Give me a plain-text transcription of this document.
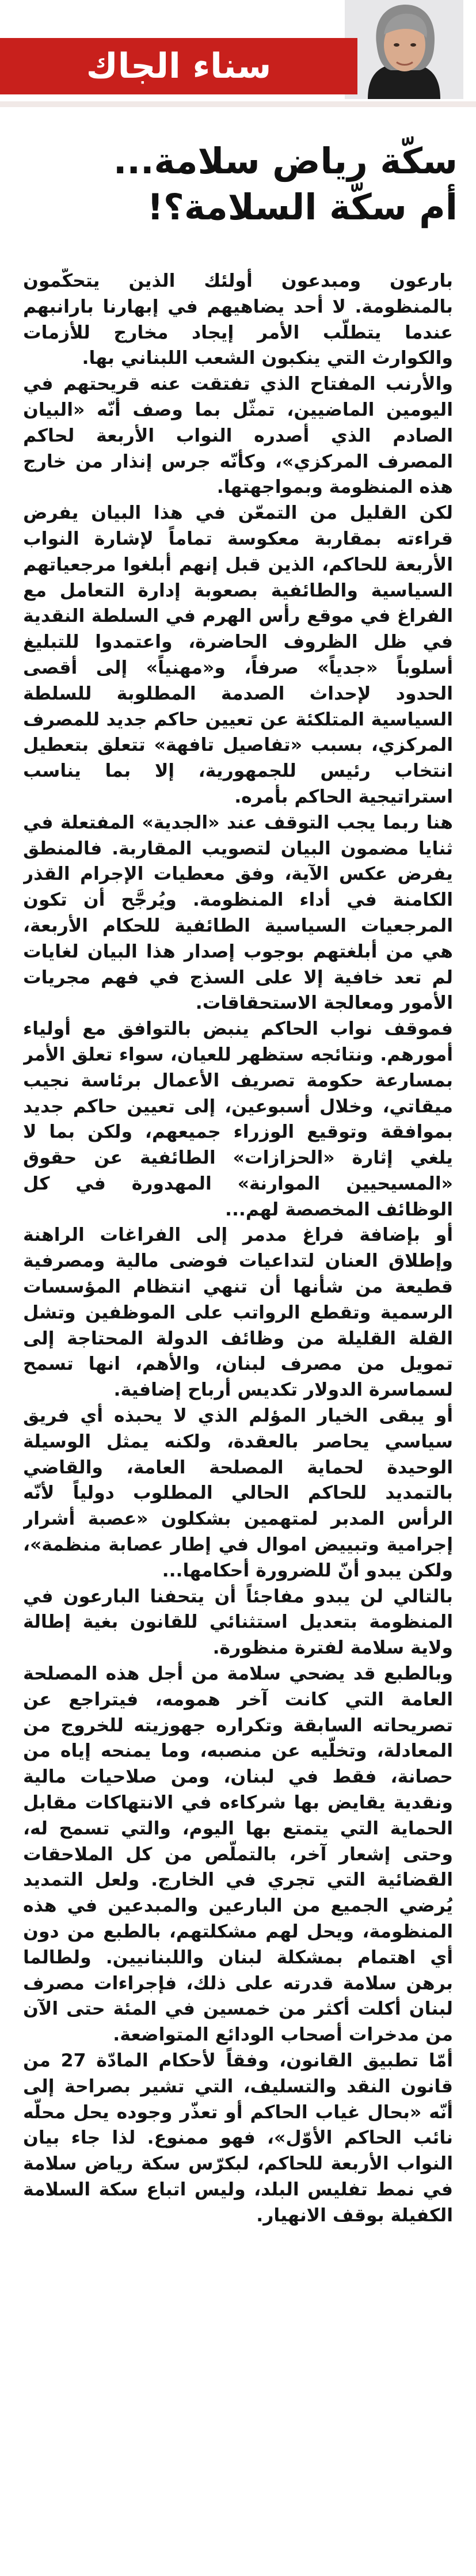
سناء الجاك
سكّة رياض سلامة...
أم سكّة السلامة؟!

بارعون ومبدعون أولئك الذين يتحكّمون بالمنظومة. لا أحد يضاهيهم في إبهارنا بارانبهم عندما يتطلّب الأمر إيجاد مخارج للأزمات والكوارث التي ينكبون الشعب اللبناني بها.

والأرنب المفتاح الذي تفتقت عنه قريحتهم في اليومين الماضيين، تمثّل بما وصف أنّه «البيان الصادم الذي أصدره النواب الأربعة لحاكم المصرف المركزي»، وكأنّه جرس إنذار من خارج هذه المنظومة وبمواجهتها.

لكن القليل من التمعّن في هذا البيان يفرض قراءته بمقاربة معكوسة تماماً لإشارة النواب الأربعة للحاكم، الذين قبل إنهم أبلغوا مرجعياتهم السياسية والطائفية بصعوبة إدارة التعامل مع الفراغ في موقع رأس الهرم في السلطة النقدية في ظل الظروف الحاضرة، واعتمدوا للتبليغ أسلوباً «جدياً» صرفاً، و«مهنياً» إلى أقصى الحدود لإحداث الصدمة المطلوبة للسلطة السياسية المتلكئة عن تعيين حاكم جديد للمصرف المركزي، بسبب «تفاصيل تافهة» تتعلق بتعطيل انتخاب رئيس للجمهورية، إلا بما يناسب استراتيجية الحاكم بأمره.

هنا ربما يجب التوقف عند «الجدية» المفتعلة في ثنايا مضمون البيان لتصويب المقاربة. فالمنطق يفرض عكس الآية، وفق معطيات الإجرام القذر الكامنة في أداء المنظومة. ويُرجَّح أن تكون المرجعيات السياسية الطائفية للحكام الأربعة، هي من أبلغتهم بوجوب إصدار هذا البيان لغايات لم تعد خافية إلا على السذج في فهم مجريات الأمور ومعالجة الاستحقاقات.

فموقف نواب الحاكم ينبض بالتوافق مع أولياء أمورهم. ونتائجه ستظهر للعيان، سواء تعلق الأمر بمسارعة حكومة تصريف الأعمال برئاسة نجيب ميقاتي، وخلال أسبوعين، إلى تعيين حاكم جديد بموافقة وتوقيع الوزراء جميعهم، ولكن بما لا يلغي إثارة «الحزازات» الطائفية عن حقوق «المسيحيين الموارنة» المهدورة في كل الوظائف المخصصة لهم...

أو بإضافة فراغ مدمر إلى الفراغات الراهنة وإطلاق العنان لتداعيات فوضى مالية ومصرفية قطيعة من شأنها أن تنهي انتظام المؤسسات الرسمية وتقطع الرواتب على الموظفين وتشل القلة القليلة من وظائف الدولة المحتاجة إلى تمويل من مصرف لبنان، والأهم، انها تسمح لسماسرة الدولار تكديس أرباح إضافية.

أو يبقى الخيار المؤلم الذي لا يحبذه أي فريق سياسي يحاصر بالعقدة، ولكنه يمثل الوسيلة الوحيدة لحماية المصلحة العامة، والقاضي بالتمديد للحاكم الحالي المطلوب دولياً لأنّه الرأس المدبر لمتهمين بشكلون «عصبة أشرار إجرامية وتبييض اموال في إطار عصابة منظمة»، ولكن يبدو أنّ للضرورة أحكامها...

بالتالي لن يبدو مفاجئاً أن يتحفنا البارعون في المنظومة بتعديل استثنائي للقانون بغية إطالة ولاية سلامة لفترة منظورة.

وبالطبع قد يضحي سلامة من أجل هذه المصلحة العامة التي كانت آخر همومه، فيتراجع عن تصريحاته السابقة وتكراره جهوزيته للخروج من المعادلة، وتخلّيه عن منصبه، وما يمنحه إياه من حصانة، فقط في لبنان، ومن صلاحيات مالية ونقدية يقايض بها شركاءه في الانتهاكات مقابل الحماية التي يتمتع بها اليوم، والتي تسمح له، وحتى إشعار آخر، بالتملّص من كل الملاحقات القضائية التي تجري في الخارج. ولعل التمديد يُرضي الجميع من البارعين والمبدعين في هذه المنظومة، ويحل لهم مشكلتهم، بالطبع من دون أي اهتمام بمشكلة لبنان واللبنانيين. ولطالما برهن سلامة قدرته على ذلك، فإجراءات مصرف لبنان أكلت أكثر من خمسين في المئة حتى الآن من مدخرات أصحاب الودائع المتواضعة.

أمّا تطبيق القانون، وفقاً لأحكام المادّة 27 من قانون النقد والتسليف، التي تشير بصراحة إلى أنّه «بحال غياب الحاكم أو تعذّر وجوده يحل محلّه نائب الحاكم الأوّل»، فهو ممنوع. لذا جاء بيان النواب الأربعة للحاكم، لبكرّس سكة رياض سلامة في نمط تفليس البلد، وليس اتباع سكة السلامة الكفيلة بوقف الانهيار.
